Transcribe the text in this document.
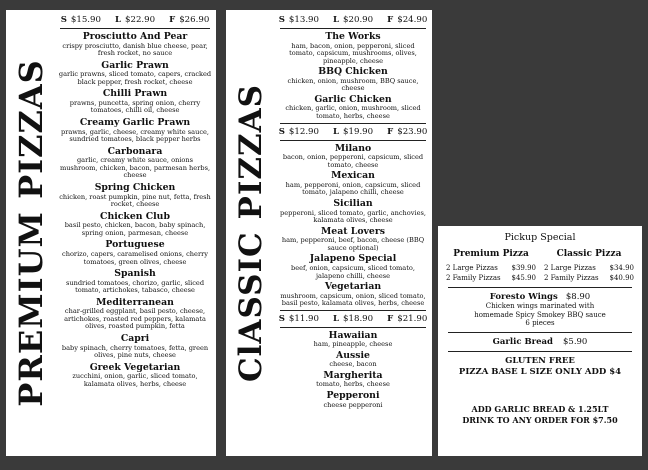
PREMIUM PIZZAS
S $15.90 L $22.90 F $26.90
Prosciutto And Pear
crispy prosciutto, danish blue cheese, pear, fresh rocket, no sauce
Garlic Prawn
garlic prawns, sliced tomato, capers, cracked black pepper, fresh rocket, cheese
Chilli Prawn
prawns, puncetta, spring onion, cherry tomatoes, chilli oil, cheese
Creamy Garlic Prawn
prawns, garlic, cheese, creamy white sauce, sundried tomatoes, black pepper herbs
Carbonara
garlic, creamy white sauce, onions mushroom, chicken, bacon, parmesan herbs, cheese
Spring Chicken
chicken, roast pumpkin, pine nut, fetta, fresh rocket, cheese
Chicken Club
basil pesto, chicken, bacon, baby spinach, spring onion, parmesan, cheese
Portuguese
chorizo, capers, caramelised onions, cherry tomatoes, green olives, cheese
Spanish
sundried tomatoes, chorizo, garlic, sliced tomato, artichokes, tabasco, cheese
Mediterranean
char-grilled eggplant, basil pesto, cheese, artichokes, roasted red peppers, kalamata olives, roasted pumpkin, fetta
Capri
baby spinach, cherry tomatoes, fetta, green olives, pine nuts, cheese
Greek Vegetarian
zucchini, onion, garlic, sliced tomato, kalamata olives, herbs, cheese
ClASSIC PIZZAS
S $13.90 L $20.90 F $24.90
The Works
ham, bacon, onion, pepperoni, sliced tomato, capsicum, mushrooms, olives, pineapple, cheese
BBQ Chicken
chicken, onion, mushroom, BBQ sauce, cheese
Garlic Chicken
chicken, garlic, onion, mushroom, sliced tomato, herbs, cheese
S $12.90 L $19.90 F $23.90
Milano
bacon, onion, pepperoni, capsicum, sliced tomato, cheese
Mexican
ham, pepperoni, onion, capsicum, sliced tomato, jalapeno chilli, cheese
Sicilian
pepperoni, sliced tomato, garlic, anchovies, kalamata olives, cheese
Meat Lovers
ham, pepperoni, beef, bacon, cheese (BBQ sauce optional)
Jalapeno Special
beef, onion, capsicum, sliced tomato, jalapeno chilli, cheese
Vegetarian
mushroom, capsicum, onion, sliced tomato, basil pesto, kalamata olives, herbs, cheese
S $11.90 L $18.90 F $21.90
Hawaiian
ham, pineapple, cheese
Aussie
cheese, bacon
Margherita
tomato, herbs, cheese
Pepperoni
cheese pepperoni
Pickup Special
Premium Pizza
2 Large Pizzas $39.90
2 Family Pizzas $45.90
Classic Pizza
2 Large Pizzas $34.90
2 Family Pizzas $40.90
Foresto Wings $8.90
Chicken wings marinated with
homemade Spicy Smokey BBQ sauce
6 pieces
Garlic Bread $5.90
GLUTEN FREE
PIZZA BASE L SIZE ONLY ADD $4
ADD GARLIC BREAD & 1.25LT
DRINK TO ANY ORDER FOR $7.50
